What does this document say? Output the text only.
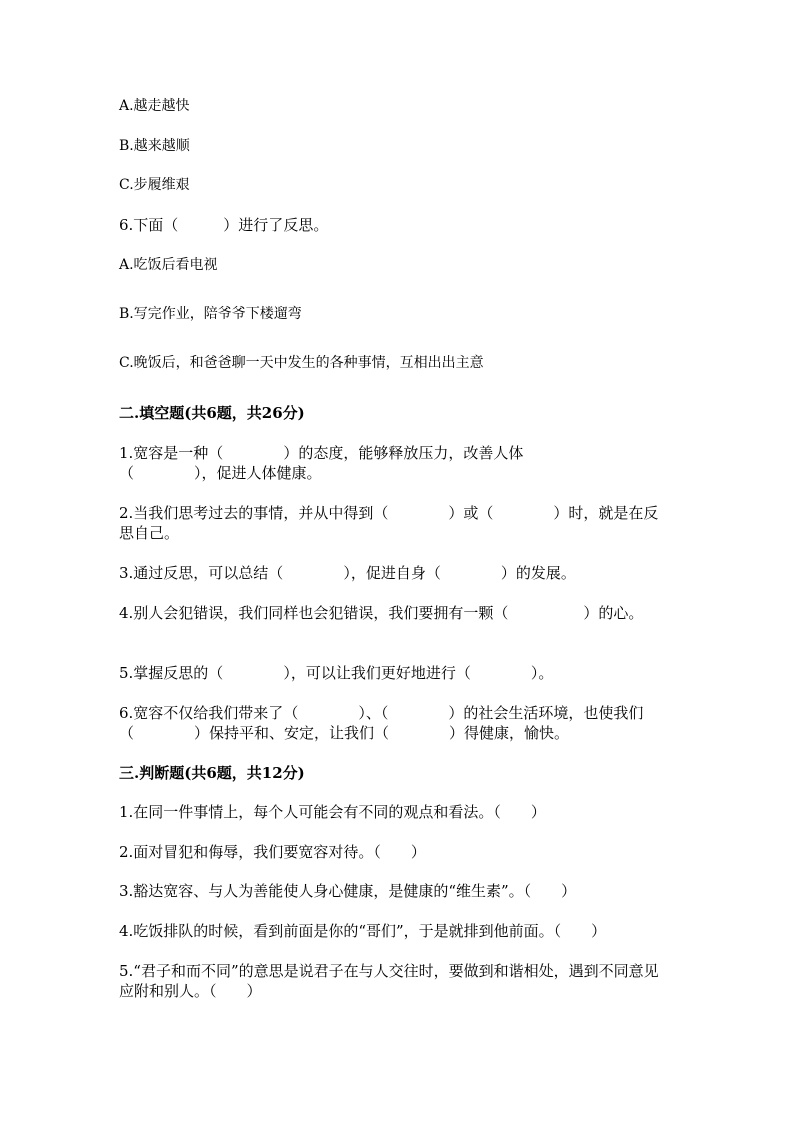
A.越走越快
B.越来越顺
C.步履维艰
6.下面（　　　）进行了反思。
A.吃饭后看电视
B.写完作业，陪爷爷下楼遛弯
C.晚饭后，和爸爸聊一天中发生的各种事情，互相出出主意
二.填空题(共6题，共26分)
1.宽容是一种（　　　　）的态度，能够释放压力，改善人体（　　　　），促进人体健康。
2.当我们思考过去的事情，并从中得到（　　　　）或（　　　　）时，就是在反思自己。
3.通过反思，可以总结（　　　　），促进自身（　　　　）的发展。
4.别人会犯错误，我们同样也会犯错误，我们要拥有一颗（　　　　　）的心。
5.掌握反思的（　　　　），可以让我们更好地进行（　　　　）。
6.宽容不仅给我们带来了（　　　　）、（　　　　）的社会生活环境，也使我们（　　　　）保持平和、安定，让我们（　　　　）得健康，愉快。
三.判断题(共6题，共12分)
1.在同一件事情上，每个人可能会有不同的观点和看法。（　　）
2.面对冒犯和侮辱，我们要宽容对待。（　　）
3.豁达宽容、与人为善能使人身心健康，是健康的“维生素”。（　　）
4.吃饭排队的时候，看到前面是你的“哥们”，于是就排到他前面。（　　）
5.“君子和而不同”的意思是说君子在与人交往时，要做到和谐相处，遇到不同意见应附和别人。（　　）
